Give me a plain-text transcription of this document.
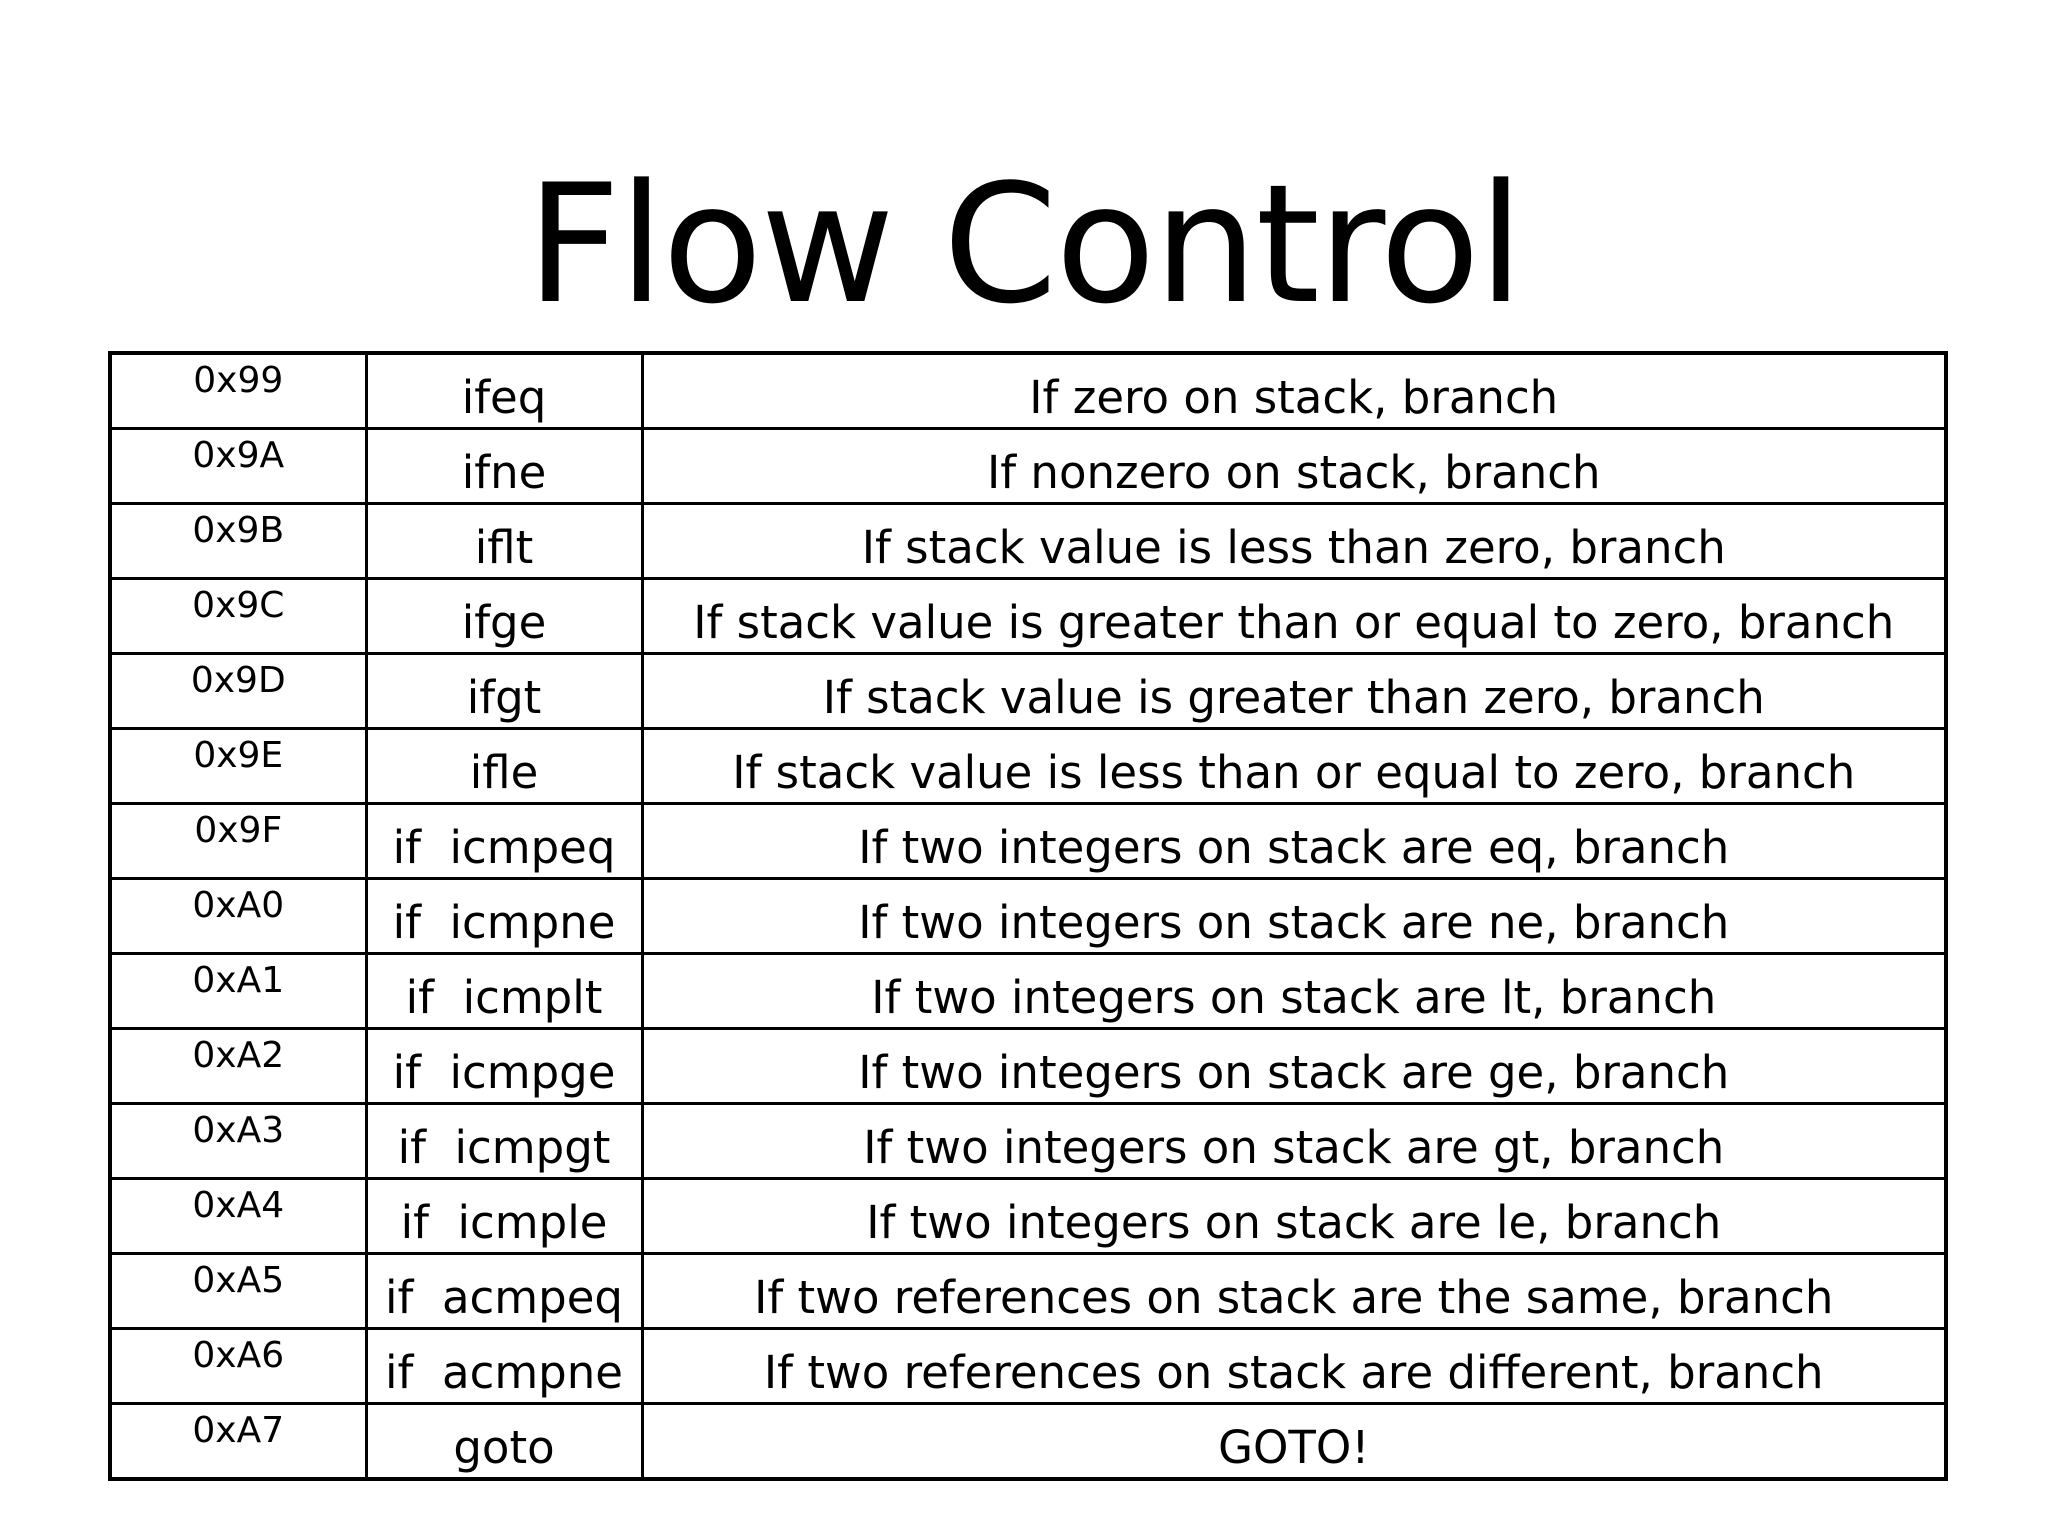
Flow Control
0x99	ifeq	If zero on stack, branch
0x9A	ifne	If nonzero on stack, branch
0x9B	iflt	If stack value is less than zero, branch
0x9C	ifge	If stack value is greater than or equal to zero, branch
0x9D	ifgt	If stack value is greater than zero, branch
0x9E	ifle	If stack value is less than or equal to zero, branch
0x9F	if  icmpeq	If two integers on stack are eq, branch
0xA0	if  icmpne	If two integers on stack are ne, branch
0xA1	if  icmplt	If two integers on stack are lt, branch
0xA2	if  icmpge	If two integers on stack are ge, branch
0xA3	if  icmpgt	If two integers on stack are gt, branch
0xA4	if  icmple	If two integers on stack are le, branch
0xA5	if  acmpeq	If two references on stack are the same, branch
0xA6	if  acmpne	If two references on stack are different, branch
0xA7	goto	GOTO!
